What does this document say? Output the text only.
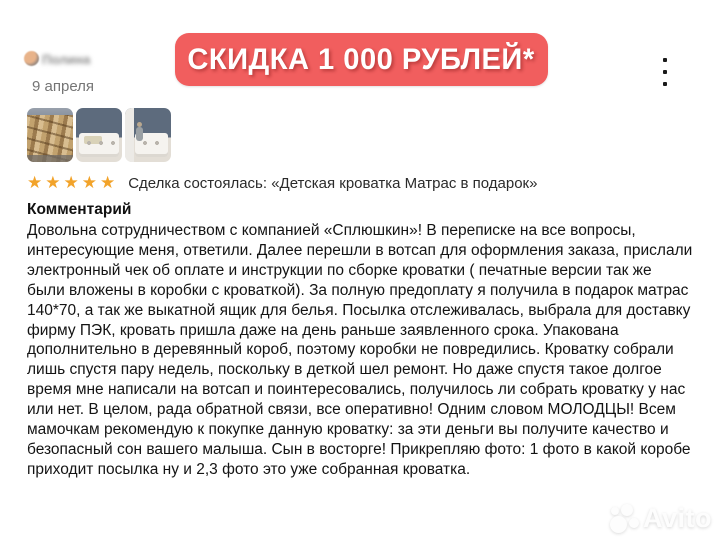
Полина
9 апреля
СКИДКА 1 000 РУБЛЕЙ*
★★★★★ Сделка состоялась: «Детская кроватка Матрас в подарок»
Комментарий
Довольна сотрудничеством с компанией «Сплюшкин»! В переписке на все вопросы, интересующие меня, ответили. Далее перешли в вотсап для оформления заказа, прислали электронный чек об оплате и инструкции по сборке кроватки ( печатные версии так же были вложены в коробки с кроваткой). За полную предоплату я получила в подарок матрас 140*70, а так же выкатной ящик для белья. Посылка отслеживалась, выбрала для доставку фирму ПЭК, кровать пришла даже на день раньше заявленного срока. Упакована дополнительно в деревянный короб, поэтому коробки не повредились. Кроватку собрали лишь спустя пару недель, поскольку в деткой шел ремонт. Но даже спустя такое долгое время мне написали на вотсап и поинтересовались, получилось ли собрать кроватку у нас или нет. В целом, рада обратной связи, все оперативно! Одним словом МОЛОДЦЫ! Всем мамочкам рекомендую к покупке данную кроватку: за эти деньги вы получите качество и безопасный сон вашего малыша. Сын в восторге! Прикрепляю фото: 1 фото в какой коробе приходит посылка ну и 2,3 фото это уже собранная кроватка.
Avito
